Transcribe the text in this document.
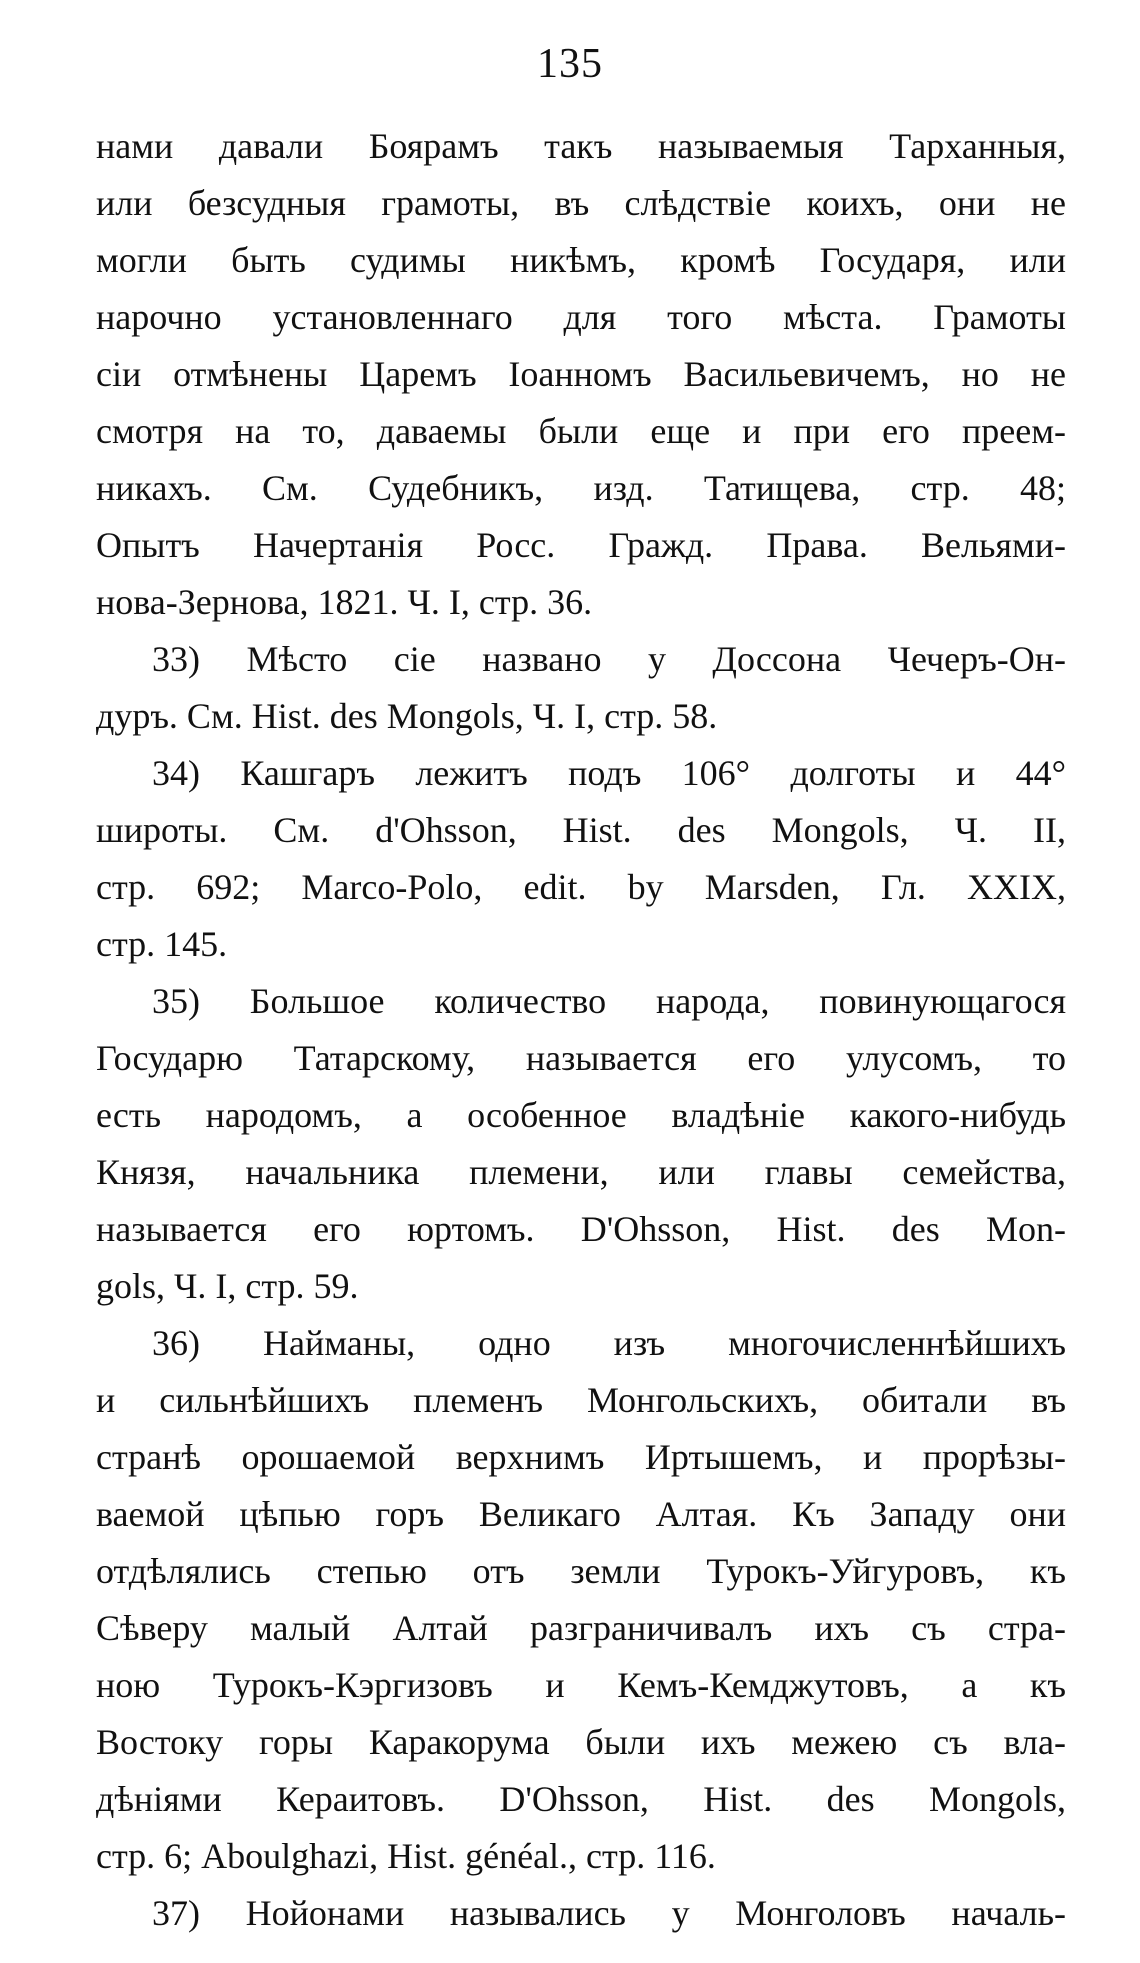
135
нами давали Боярамъ такъ называемыя Тарханныя,
или безсудныя грамоты, въ слѣдствіе коихъ, они не
могли быть судимы никѣмъ, кромѣ Государя, или
нарочно установленнаго для того мѣста. Грамоты
сіи отмѣнены Царемъ Іоанномъ Васильевичемъ, но не
смотря на то, даваемы были еще и при его преем-
никахъ. См. Судебникъ, изд. Татищева, стр. 48;
Опытъ Начертанія Росс. Гражд. Права. Вельями-
нова-Зернова, 1821. Ч. I, стр. 36.
33) Мѣсто сіе названо у Доссона Чечеръ-Он-
дуръ. См. Hist. des Mongols, Ч. I, стр. 58.
34) Кашгаръ лежитъ подъ 106° долготы и 44°
широты. См. d'Ohsson, Hist. des Mongols, Ч. II,
стр. 692; Marco-Polo, edit. by Marsden, Гл. XXIX,
стр. 145.
35) Большое количество народа, повинующагося
Государю Татарскому, называется его улусомъ, то
есть народомъ, а особенное владѣніе какого-нибудь
Князя, начальника племени, или главы семейства,
называется его юртомъ. D'Ohsson, Hist. des Mon-
gols, Ч. I, стр. 59.
36) Найманы, одно изъ многочисленнѣйшихъ
и сильнѣйшихъ племенъ Монгольскихъ, обитали въ
странѣ орошаемой верхнимъ Иртышемъ, и прорѣзы-
ваемой цѣпью горъ Великаго Алтая. Къ Западу они
отдѣлялись степью отъ земли Турокъ-Уйгуровъ, къ
Сѣверу малый Алтай разграничивалъ ихъ съ стра-
ною Турокъ-Кэргизовъ и Кемъ-Кемджутовъ, а къ
Востоку горы Каракорума были ихъ межею съ вла-
дѣніями Кераитовъ. D'Ohsson, Hist. des Mongols,
стр. 6; Aboulghazi, Hist. généal., стр. 116.
37) Нойонами назывались у Монголовъ началь-
